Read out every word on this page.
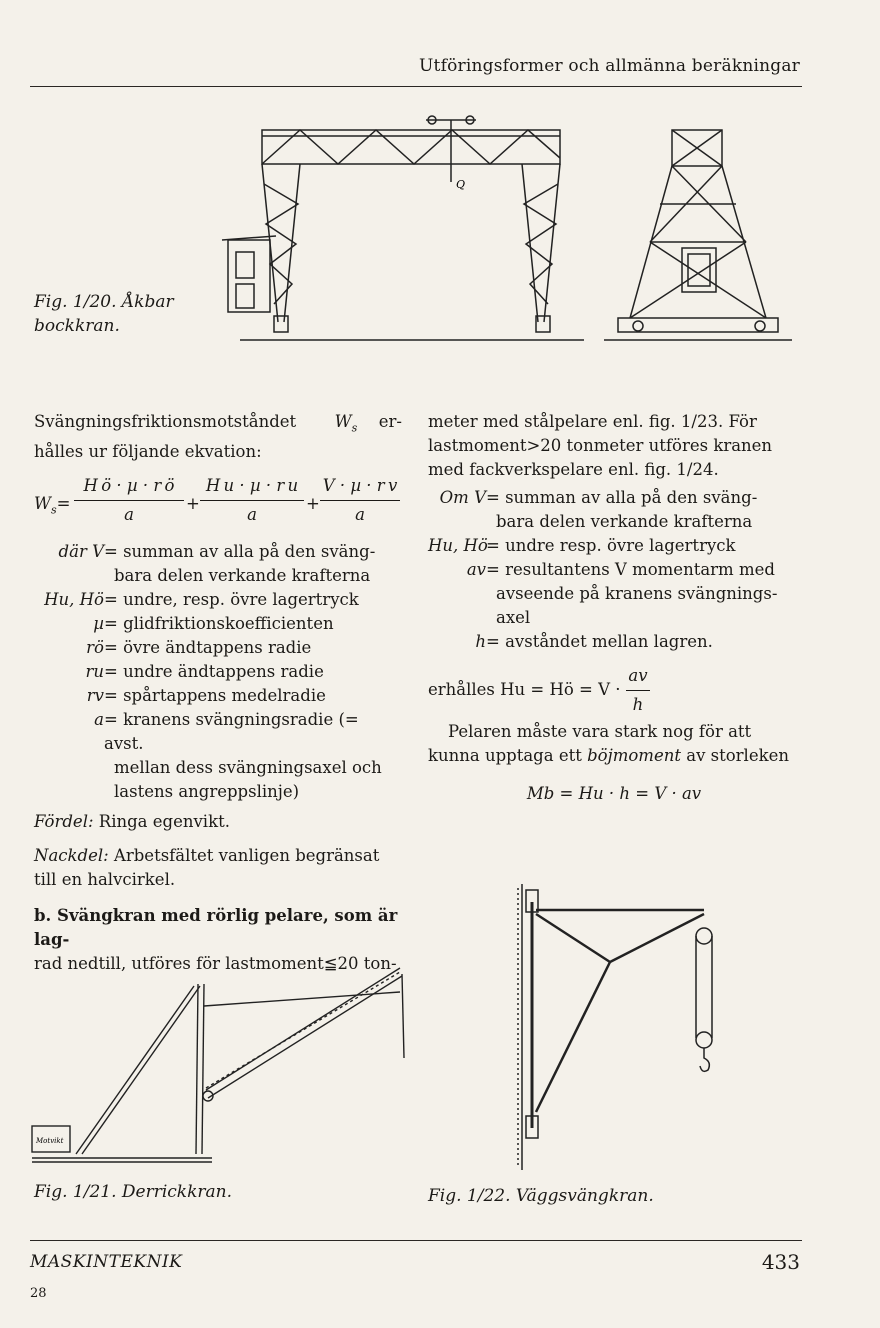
Utföringsformer och allmänna beräkningar
Q
Fig. 1/20. Åkbar
bockkran.

Svängningsfriktionsmotståndet $W_s$ er-

hålles ur följande ekvation:

$W_s=$
H ö · µ · r ö
a
+
H u · µ · r u
a
+
V · µ · r v
a
där V = summan av alla på den sväng-
bara delen verkande krafterna
Hu, Hö = undre, resp. övre lagertryck
µ = glidfriktionskoefficienten
rö = övre ändtappens radie
ru = undre ändtappens radie
rv = spårtappens medelradie
a = kranens svängningsradie (= avst.
mellan dess svängningsaxel och
lastens angreppslinje)

Fördel: Ringa egenvikt.

Nackdel: Arbetsfältet vanligen begränsat
till en halvcirkel.

b. Svängkran med rörlig pelare, som är lag-
rad nedtill, utföres för lastmoment≦20 ton-

meter med stålpelare enl. fig. 1/23. För
lastmoment>20 tonmeter utföres kranen
med fackverkspelare enl. fig. 1/24.

Om V = summan av alla på den sväng-
bara delen verkande krafterna
Hu, Hö
= undre resp. övre lagertryck
av = resultantens V momentarm med
avseende på kranens svängnings-
axel
h = avståndet mellan lagren.
erhålles Hu = Hö = $V \cdot \frac{av}{h}$

Pelaren måste vara stark nog för att
kunna upptaga ett böjmoment av storleken

Mb = Hu · h = V · av

Motvikt
Fig. 1/21. Derrickkran.	Fig. 1/22. Väggsvängkran.
MASKINTEKNIK	433
28
